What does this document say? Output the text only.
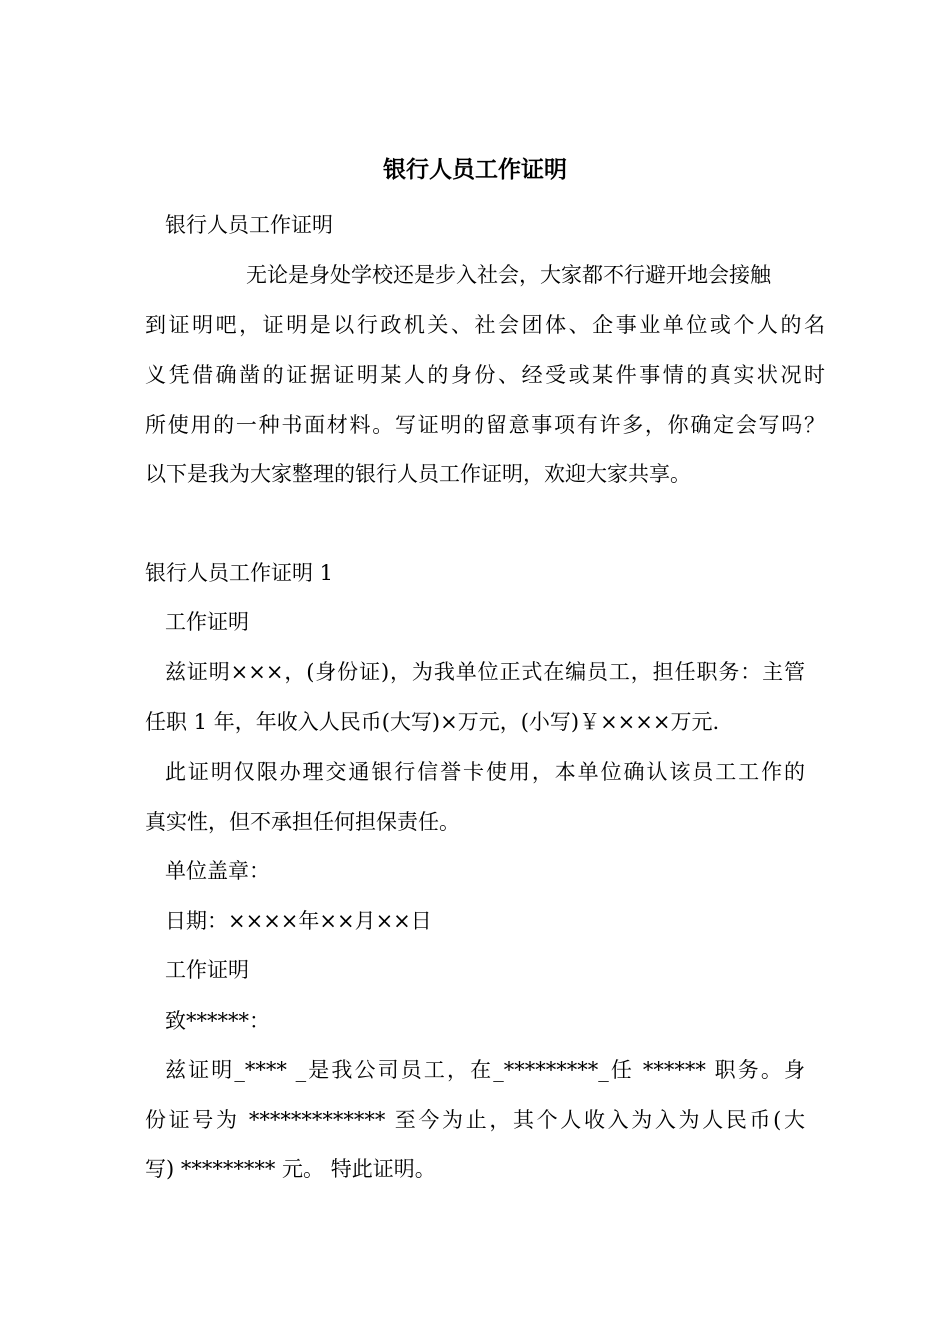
银行人员工作证明

银行人员工作证明

无论是身处学校还是步入社会，大家都不行避开地会接触

到证明吧，证明是以行政机关、社会团体、企事业单位或个人的名

义凭借确凿的证据证明某人的身份、经受或某件事情的真实状况时

所使用的一种书面材料。写证明的留意事项有许多，你确定会写吗？

以下是我为大家整理的银行人员工作证明，欢迎大家共享。

银行人员工作证明 1

工作证明

兹证明×××，(身份证)，为我单位正式在编员工，担任职务：主管

任职 1 年，年收入人民币(大写)×万元，(小写)￥××××万元.

此证明仅限办理交通银行信誉卡使用，本单位确认该员工工作的

真实性，但不承担任何担保责任。

单位盖章：

日期：××××年××月××日

工作证明

致******：

兹证明_**** _是我公司员工，在_*********_任 ****** 职务。身

份证号为 ************* 至今为止，其个人收入为入为人民币(大

写) ********* 元。 特此证明。
